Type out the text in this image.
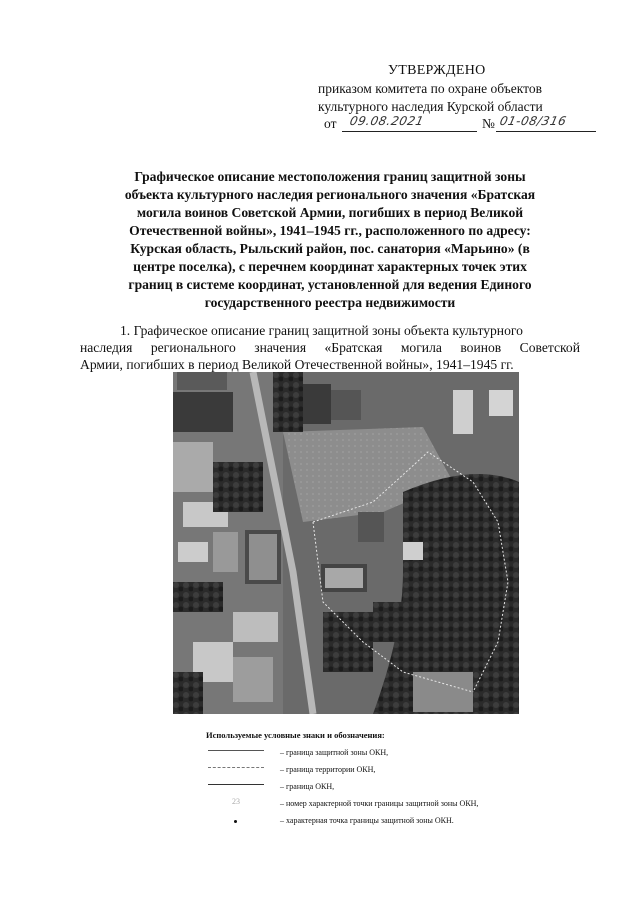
УТВЕРЖДЕНО
приказом комитета по охране объектов
культурного наследия Курской области
от 09.08.2021	№ 01-08/316
Графическое описание местоположения границ защитной зоны
объекта культурного наследия регионального значения «Братская
могила воинов Советской Армии, погибших в период Великой
Отечественной войны», 1941–1945 гг., расположенного по адресу:
Курская область, Рыльский район, пос. санатория «Марьино» (в
центре поселка), с перечнем координат характерных точек этих
границ в системе координат, установленной для ведения Единого
государственного реестра недвижимости
1. Графическое описание границ защитной зоны объекта культурного
наследия регионального значения «Братская могила воинов Советской
Армии, погибших в период Великой Отечественной войны», 1941–1945 гг.
Используемые условные знаки и обозначения:
– граница защитной зоны ОКН,
– граница территории ОКН,
– граница ОКН,
23	– номер характерной точки границы защитной зоны ОКН,
– характерная точка границы защитной зоны ОКН.
